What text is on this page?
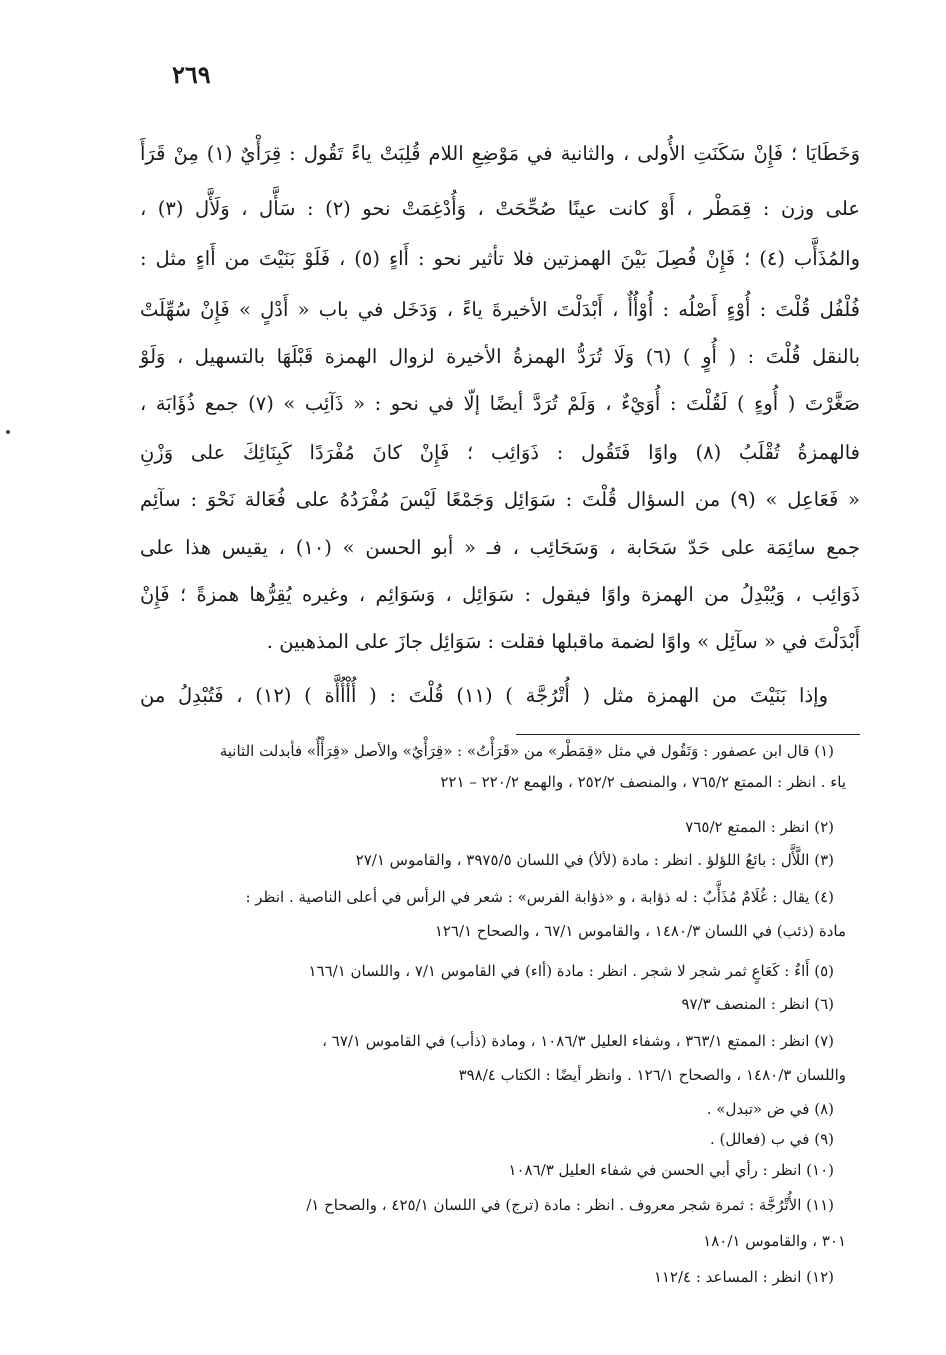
٢٦٩
وَخَطَايَا ؛ فَإِنْ سَكَنَتِ الأُولى ، والثانية في مَوْضِعِ اللام قُلِبَتْ ياءً تَقُول : قِرَأْيٌ (١) مِنْ قَرَأَ
على وزن : قِمَطْر ، أَوْ كانت عينًا صُحِّحَتْ ، وَأُدْغِمَتْ نحو (٢) : سَأَّل ، وَلَأَّل (٣) ،
والمُذَأَّب (٤) ؛ فَإِنْ فُصِلَ بَيْنَ الهمزتين فلا تأثير نحو : أَاءٍ (٥) ، فَلَوْ بَنَيْتَ من أَاءٍ مثل :
فُلْفُل قُلْتَ : أُوْءٍ أَصْلُه : أُوْأُأٌ ، أَبْدَلْتَ الأخيرةَ ياءً ، وَدَخَل في باب « أَدْلٍ » فَإِنْ سُهِّلَتْ
بالنقل قُلْتَ : ( أُوٍ ) (٦) وَلَا تُرَدُّ الهمزةُ الأخيرة لزوال الهمزة قَبْلَهَا بالتسهيل ، وَلَوْ
صَغَّرْتَ ( أُوءٍ ) لَقُلْتَ : أُوَيْءٌ ، وَلَمْ تُرَدَّ أيضًا إلّا في نحو : « ذَآئِب » (٧) جمع ذُؤَابَة ،
فالهمزةُ تُقْلَبُ (٨) واوًا فَتَقُول : ذَوَائِب ؛ فَإِنْ كانَ مُفْرَدًا كَبِنَائِكَ على وَزْنِ
« فَعَاعِل » (٩) من السؤال قُلْتَ : سَوَائِل وَجَمْعًا لَيْسَ مُفْرَدُهُ على فُعَالة نَحْوَ : سآئِم
جمع سائِمَة على حَدّ سَحَابة ، وَسَحَائِب ، فـ « أبو الحسن » (١٠) ، يقيس هذا على
ذَوَائِب ، وَيُبْدِلُ من الهمزة واوًا فيقول : سَوَائِل ، وَسَوَائِم ، وغيره يُقِرُّها همزةً ؛ فَإِنْ
أَبْدَلْتَ في « سآئِل » واوًا لضمة ماقبلها فقلت : سَوَائِل جازَ على المذهبين .
وإذا بَنَيْتَ من الهمزة مثل ( أُتْرُجَّة ) (١١) قُلْتَ : ( أُأْأُأَّة ) (١٢) ، فَتُبْدِلُ من
(١) قال ابن عصفور : وَتَقُول في مثل «قِمَطْر» من «قَرَأْتُ» : «قِرَأْيٌ» والأصل «قِرَأْأٌ» فأبدلت الثانية
ياء . انظر : الممتع ٧٦٥/٢ ، والمنصف ٢٥٢/٢ ، والهمع ٢٢٠/٢ – ٢٢١
(٢) انظر : الممتع ٧٦٥/٢
(٣) اللَّأَّل : بائعُ اللؤلؤ . انظر : مادة (لألأ) في اللسان ٣٩٧٥/٥ ، والقاموس ٢٧/١
(٤) يقال : غُلَامٌ مُذَأَّبٌ : له ذؤابة ، و «ذؤابة الفرس» : شعر في الرأس في أعلى الناصية . انظر :
مادة (ذئب) في اللسان ١٤٨٠/٣ ، والقاموس ٦٧/١ ، والصحاح ١٢٦/١
(٥) أَاءٌ : كَعَاعٍ ثمر شجر لا شجر . انظر : مادة (أاء) في القاموس ٧/١ ، واللسان ١٦٦/١
(٦) انظر : المنصف ٩٧/٣
(٧) انظر : الممتع ٣٦٣/١ ، وشفاء العليل ١٠٨٦/٣ ، ومادة (ذأب) في القاموس ٦٧/١ ،
واللسان ١٤٨٠/٣ ، والصحاح ١٢٦/١ . وانظر أيضًا : الكتاب ٣٩٨/٤
(٨) في ض «تبدل» .
(٩) في ب (فعالل) .
(١٠) انظر : رأي أبي الحسن في شفاء العليل ١٠٨٦/٣
(١١) الأُتْرُجَّة : ثمرة شجر معروف . انظر : مادة (ترج) في اللسان ٤٢٥/١ ، والصحاح ١/
٣٠١ ، والقاموس ١٨٠/١
(١٢) انظر : المساعد : ١١٢/٤
